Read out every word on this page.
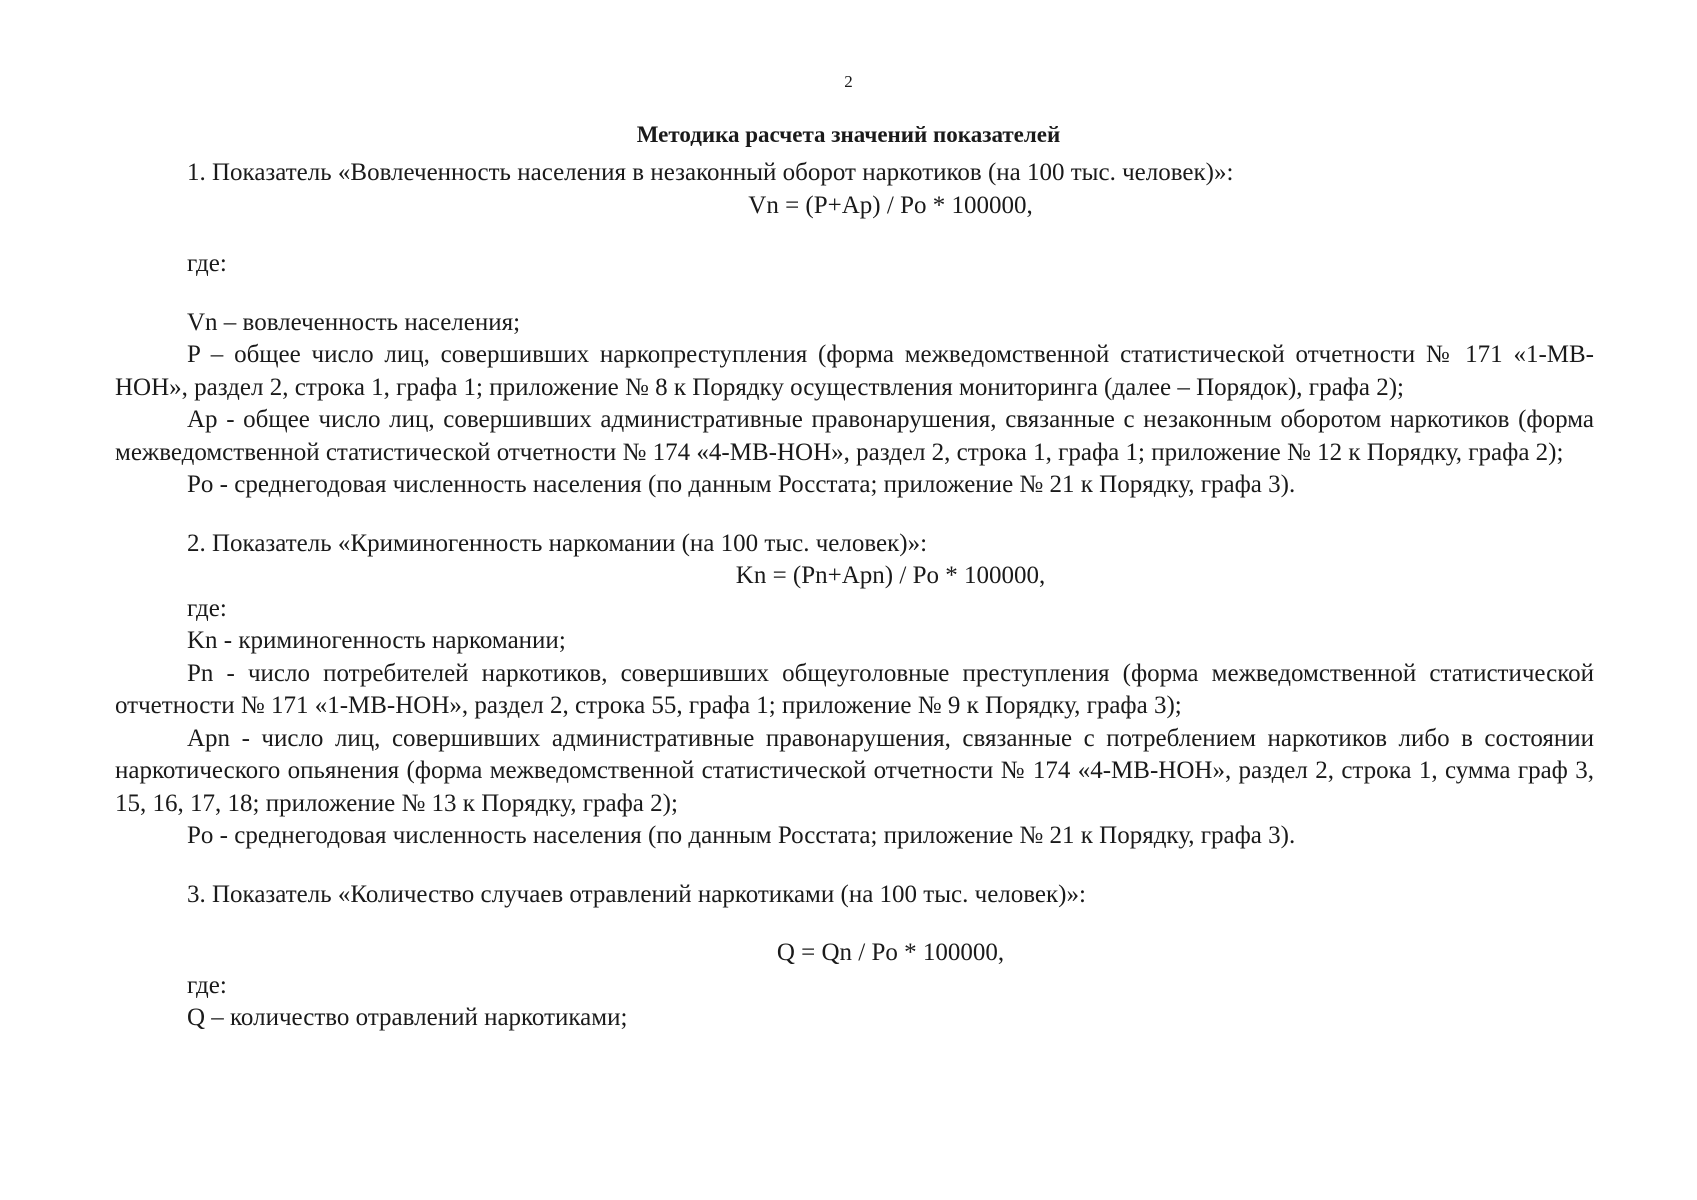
2
Методика расчета значений показателей

1. Показатель «Вовлеченность населения в незаконный оборот наркотиков (на 100 тыс. человек)»:

Vn = (P+Ap) / Po * 100000,

где:

Vn – вовлеченность населения;

P – общее число лиц, совершивших наркопреступления (форма межведомственной статистической отчетности № 171 «1-МВ-НОН», раздел 2, строка 1, графа 1; приложение № 8 к Порядку осуществления мониторинга (далее – Порядок), графа 2);

Ap - общее число лиц, совершивших административные правонарушения, связанные с незаконным оборотом наркотиков (форма межведомственной статистической отчетности № 174 «4-МВ-НОН», раздел 2, строка 1, графа 1; приложение № 12 к Порядку, графа 2);

Po - среднегодовая численность населения (по данным Росстата; приложение № 21 к Порядку, графа 3).

2. Показатель «Криминогенность наркомании (на 100 тыс. человек)»:

Kn = (Pn+Apn) / Po * 100000,

где:

Kn - криминогенность наркомании;

Pn - число потребителей наркотиков, совершивших общеуголовные преступления (форма межведомственной статистической отчетности № 171 «1-МВ-НОН», раздел 2, строка 55, графа 1; приложение № 9 к Порядку, графа 3);

Apn - число лиц, совершивших административные правонарушения, связанные с потреблением наркотиков либо в состоянии наркотического опьянения (форма межведомственной статистической отчетности № 174 «4-МВ-НОН», раздел 2, строка 1, сумма граф 3, 15, 16, 17, 18; приложение № 13 к Порядку, графа 2);

Po - среднегодовая численность населения (по данным Росстата; приложение № 21 к Порядку, графа 3).

3. Показатель «Количество случаев отравлений наркотиками (на 100 тыс. человек)»:

Q = Qn / Po * 100000,

где:

Q – количество отравлений наркотиками;
